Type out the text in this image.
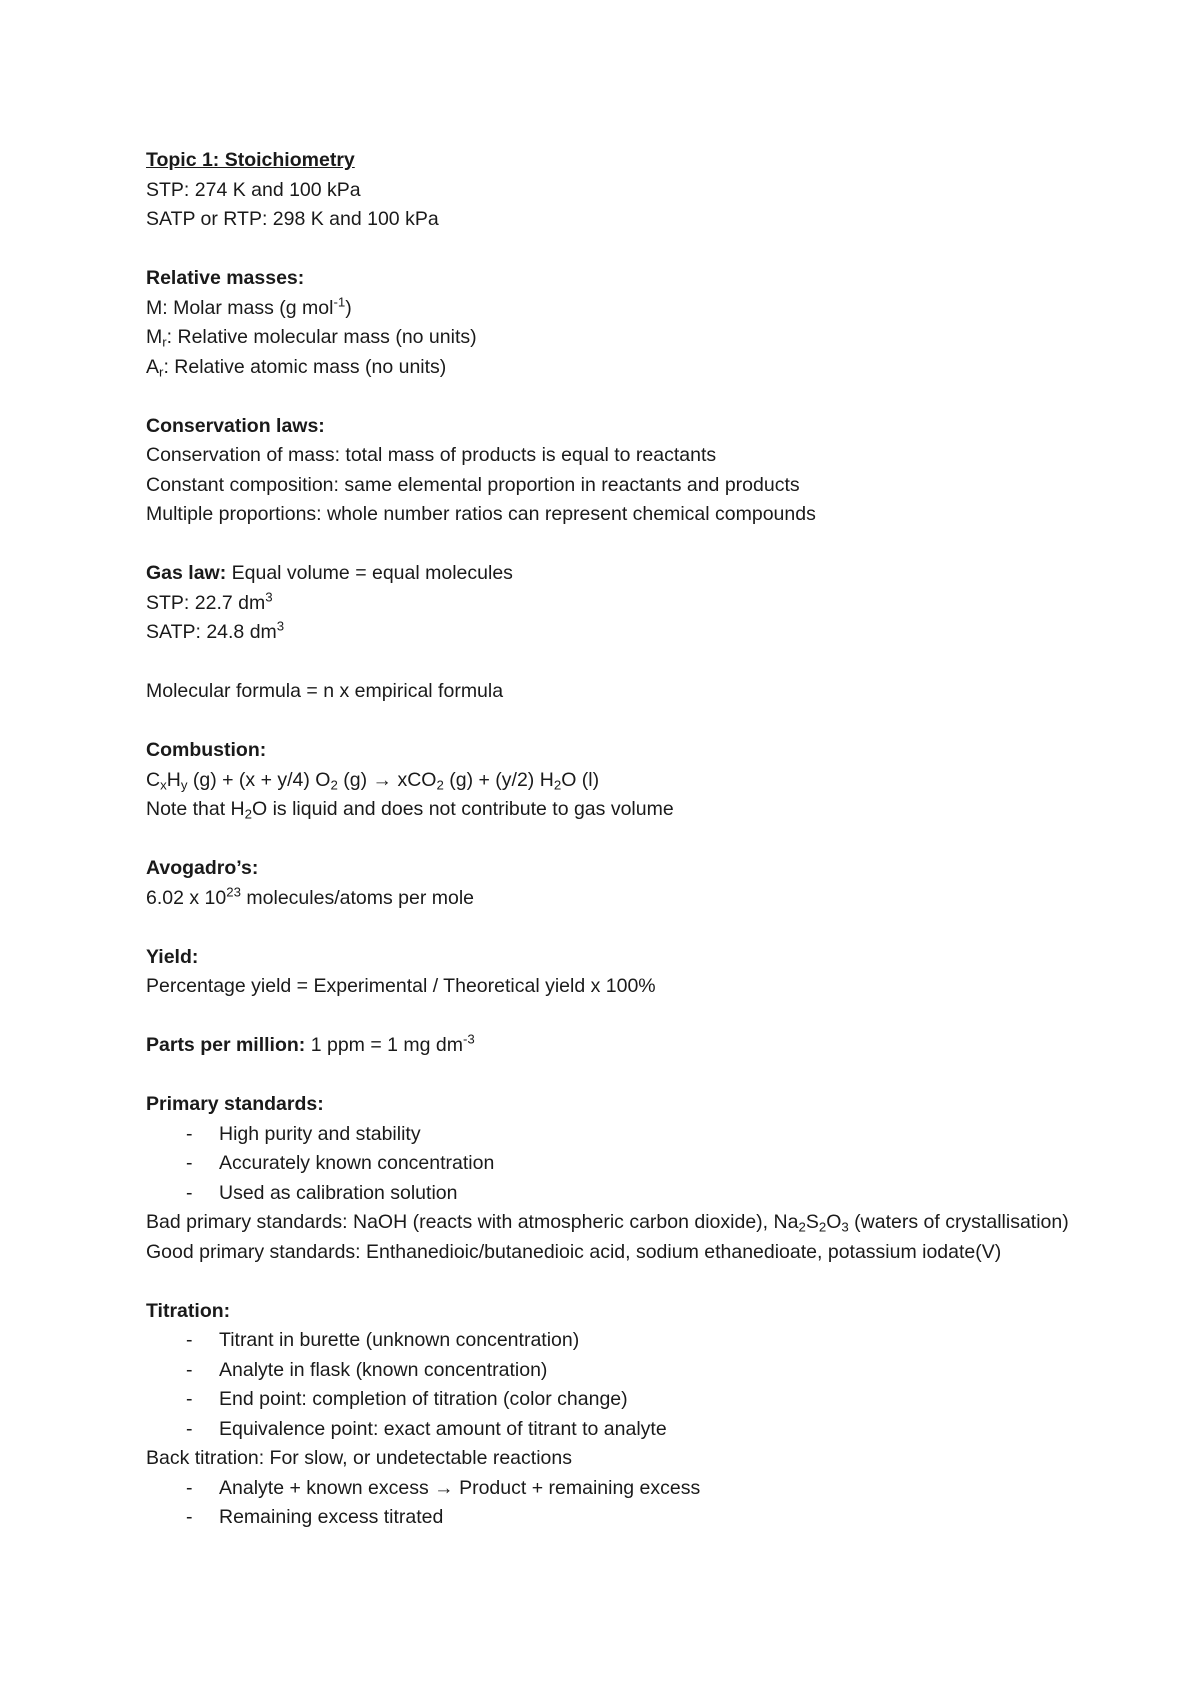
Topic 1: Stoichiometry
STP: 274 K and 100 kPa
SATP or RTP: 298 K and 100 kPa
Relative masses:
M: Molar mass (g mol$^{-1}$)
$M_r$: Relative molecular mass (no units)
$A_r$: Relative atomic mass (no units)
Conservation laws:
Conservation of mass: total mass of products is equal to reactants
Constant composition: same elemental proportion in reactants and products
Multiple proportions: whole number ratios can represent chemical compounds
Gas law: Equal volume = equal molecules
STP: 22.7 $dm^3$
SATP: 24.8 $dm^3$
Molecular formula = n x empirical formula
Combustion:
$C_xH_y$ (g) + (x + y/4) $O_2$ (g) → xCO$_2$ (g) + (y/2) $H_2O$ (l)
Note that $H_2O$ is liquid and does not contribute to gas volume
Avogadro’s:
6.02 x $10^{23}$ molecules/atoms per mole
Yield:
Percentage yield = Experimental / Theoretical yield x 100%
Parts per million: 1 ppm = 1 mg $dm^{-3}$
Primary standards:
- High purity and stability
- Accurately known concentration
- Used as calibration solution
Bad primary standards: NaOH (reacts with atmospheric carbon dioxide), $Na_2S_2O_3$ (waters of crystallisation)
Good primary standards: Enthanedioic/butanedioic acid, sodium ethanedioate, potassium iodate(V)
Titration:
- Titrant in burette (unknown concentration)
- Analyte in flask (known concentration)
- End point: completion of titration (color change)
- Equivalence point: exact amount of titrant to analyte
Back titration: For slow, or undetectable reactions
- Analyte + known excess → Product + remaining excess
- Remaining excess titrated
